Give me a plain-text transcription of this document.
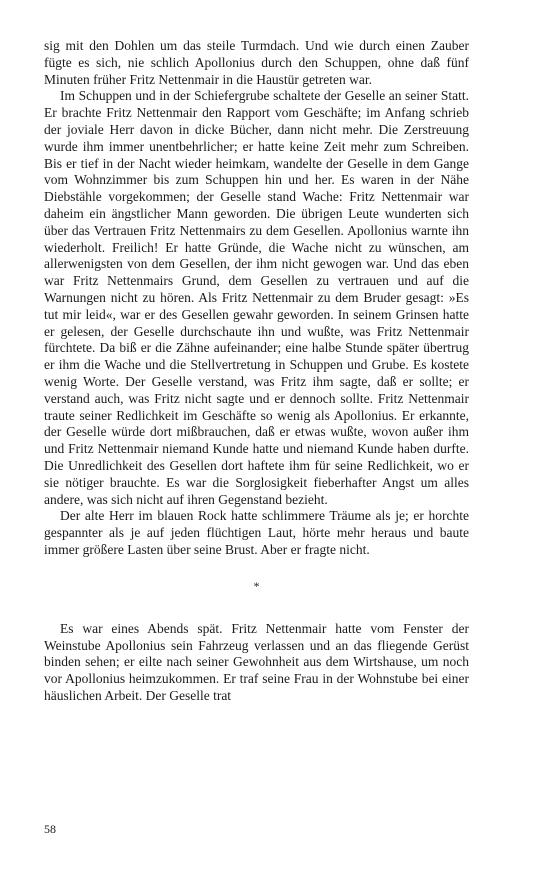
sig mit den Dohlen um das steile Turmdach. Und wie durch einen Zauber fügte es sich, nie schlich Apollonius durch den Schuppen, ohne daß fünf Minuten früher Fritz Nettenmair in die Haustür getreten war.

Im Schuppen und in der Schiefergrube schaltete der Geselle an seiner Statt. Er brachte Fritz Nettenmair den Rapport vom Geschäfte; im Anfang schrieb der joviale Herr davon in dicke Bücher, dann nicht mehr. Die Zerstreuung wurde ihm immer unentbehrlicher; er hatte keine Zeit mehr zum Schreiben. Bis er tief in der Nacht wieder heimkam, wandelte der Geselle in dem Gange vom Wohnzimmer bis zum Schuppen hin und her. Es waren in der Nähe Diebstähle vorgekommen; der Geselle stand Wache: Fritz Nettenmair war daheim ein ängstlicher Mann geworden. Die übrigen Leute wunderten sich über das Vertrauen Fritz Nettenmairs zu dem Gesellen. Apollonius warnte ihn wiederholt. Freilich! Er hatte Gründe, die Wache nicht zu wünschen, am allerwenigsten von dem Gesellen, der ihm nicht gewogen war. Und das eben war Fritz Nettenmairs Grund, dem Gesellen zu vertrauen und auf die Warnungen nicht zu hören. Als Fritz Nettenmair zu dem Bruder gesagt: »Es tut mir leid«, war er des Gesellen gewahr geworden. In seinem Grinsen hatte er gelesen, der Geselle durchschaute ihn und wußte, was Fritz Nettenmair fürchtete. Da biß er die Zähne aufeinander; eine halbe Stunde später übertrug er ihm die Wache und die Stellvertretung in Schuppen und Grube. Es kostete wenig Worte. Der Geselle verstand, was Fritz ihm sagte, daß er sollte; er verstand auch, was Fritz nicht sagte und er dennoch sollte. Fritz Nettenmair traute seiner Redlichkeit im Geschäfte so wenig als Apollonius. Er erkannte, der Geselle würde dort mißbrauchen, daß er etwas wußte, wovon außer ihm und Fritz Nettenmair niemand Kunde hatte und niemand Kunde haben durfte. Die Unredlichkeit des Gesellen dort haftete ihm für seine Redlichkeit, wo er sie nötiger brauchte. Es war die Sorglosigkeit fieberhafter Angst um alles andere, was sich nicht auf ihren Gegenstand bezieht.

Der alte Herr im blauen Rock hatte schlimmere Träume als je; er horchte gespannter als je auf jeden flüchtigen Laut, hörte mehr heraus und baute immer größere Lasten über seine Brust. Aber er fragte nicht.

*

Es war eines Abends spät. Fritz Nettenmair hatte vom Fenster der Weinstube Apollonius sein Fahrzeug verlassen und an das fliegende Gerüst binden sehen; er eilte nach seiner Gewohnheit aus dem Wirtshause, um noch vor Apollonius heimzukommen. Er traf seine Frau in der Wohnstube bei einer häuslichen Arbeit. Der Geselle trat

58
